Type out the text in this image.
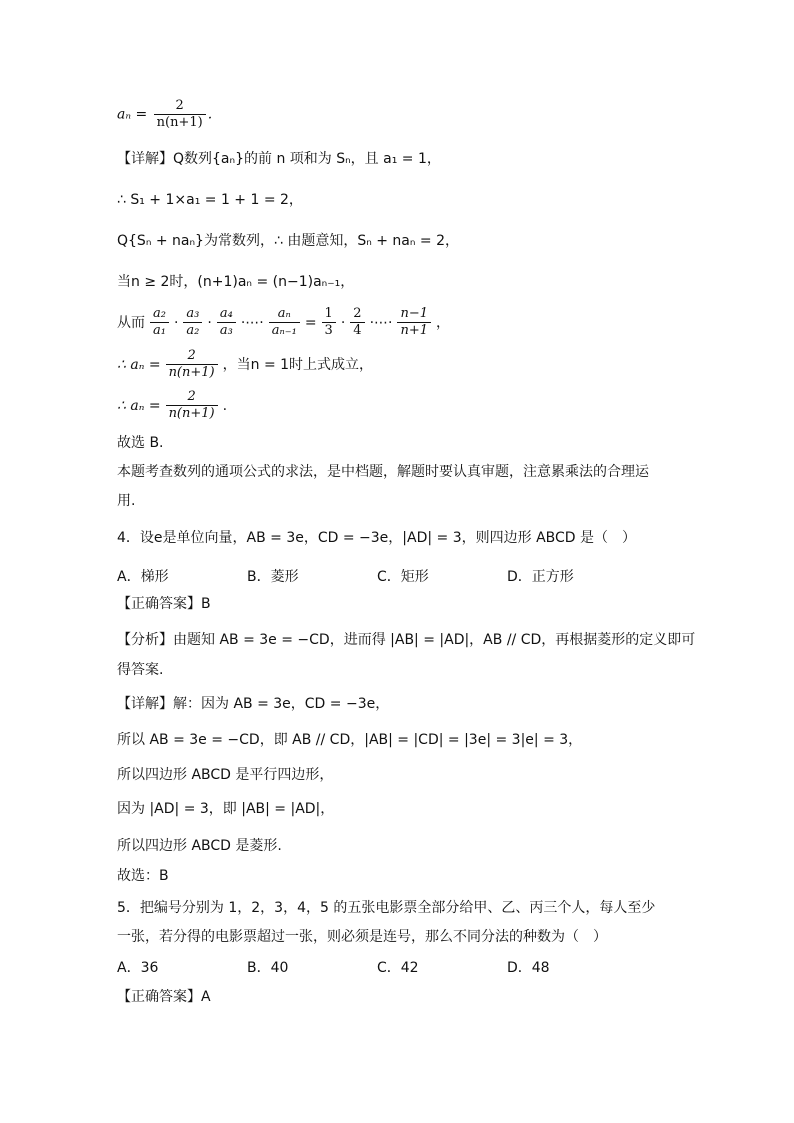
$a_n = \frac{2}{n(n+1)}$ .
【详解】Q数列{aₙ}的前 n 项和为 Sₙ，且 a₁ = 1，
∴ S₁ + 1×a₁ = 1 + 1 = 2，
Q{Sₙ + naₙ}为常数列，∴ 由题意知，Sₙ + naₙ = 2，
当n ≥ 2时，(n+1)aₙ = (n−1)aₙ₋₁，
从而 $\frac{\text{a₂}}{\text{a₁}} \cdot \frac{\text{a₃}}{\text{a₂}} \cdot \frac{\text{a₄}}{\text{a₃}}$ ·⋯· $\frac{\text{aₙ}}{\text{aₙ₋₁}} = \frac{1}{3} \cdot \frac{2}{4}$ ·⋯· $\frac{n-1}{n+1}$ ，
∴ $a_n = \frac{2}{n(n+1)}$ ，当n = 1时上式成立，
∴ $a_n = \frac{2}{n(n+1)}$ .
故选 B.
本题考查数列的通项公式的求法，是中档题，解题时要认真审题，注意累乘法的合理运
用.
4．设e是单位向量，AB = 3e，CD = −3e，|AD| = 3，则四边形 ABCD 是（　）
A．梯形	B．菱形	C．矩形	D．正方形
【正确答案】B
【分析】由题知 AB = 3e = −CD，进而得 |AB| = |AD|，AB // CD，再根据菱形的定义即可
得答案.
【详解】解：因为 AB = 3e，CD = −3e，
所以 AB = 3e = −CD，即 AB // CD，|AB| = |CD| = |3e| = 3|e| = 3，
所以四边形 ABCD 是平行四边形，
因为 |AD| = 3，即 |AB| = |AD|，
所以四边形 ABCD 是菱形.
故选：B
5．把编号分别为 1，2，3，4，5 的五张电影票全部分给甲、乙、丙三个人，每人至少
一张，若分得的电影票超过一张，则必须是连号，那么不同分法的种数为（　）
A．36	B．40	C．42	D．48
【正确答案】A
